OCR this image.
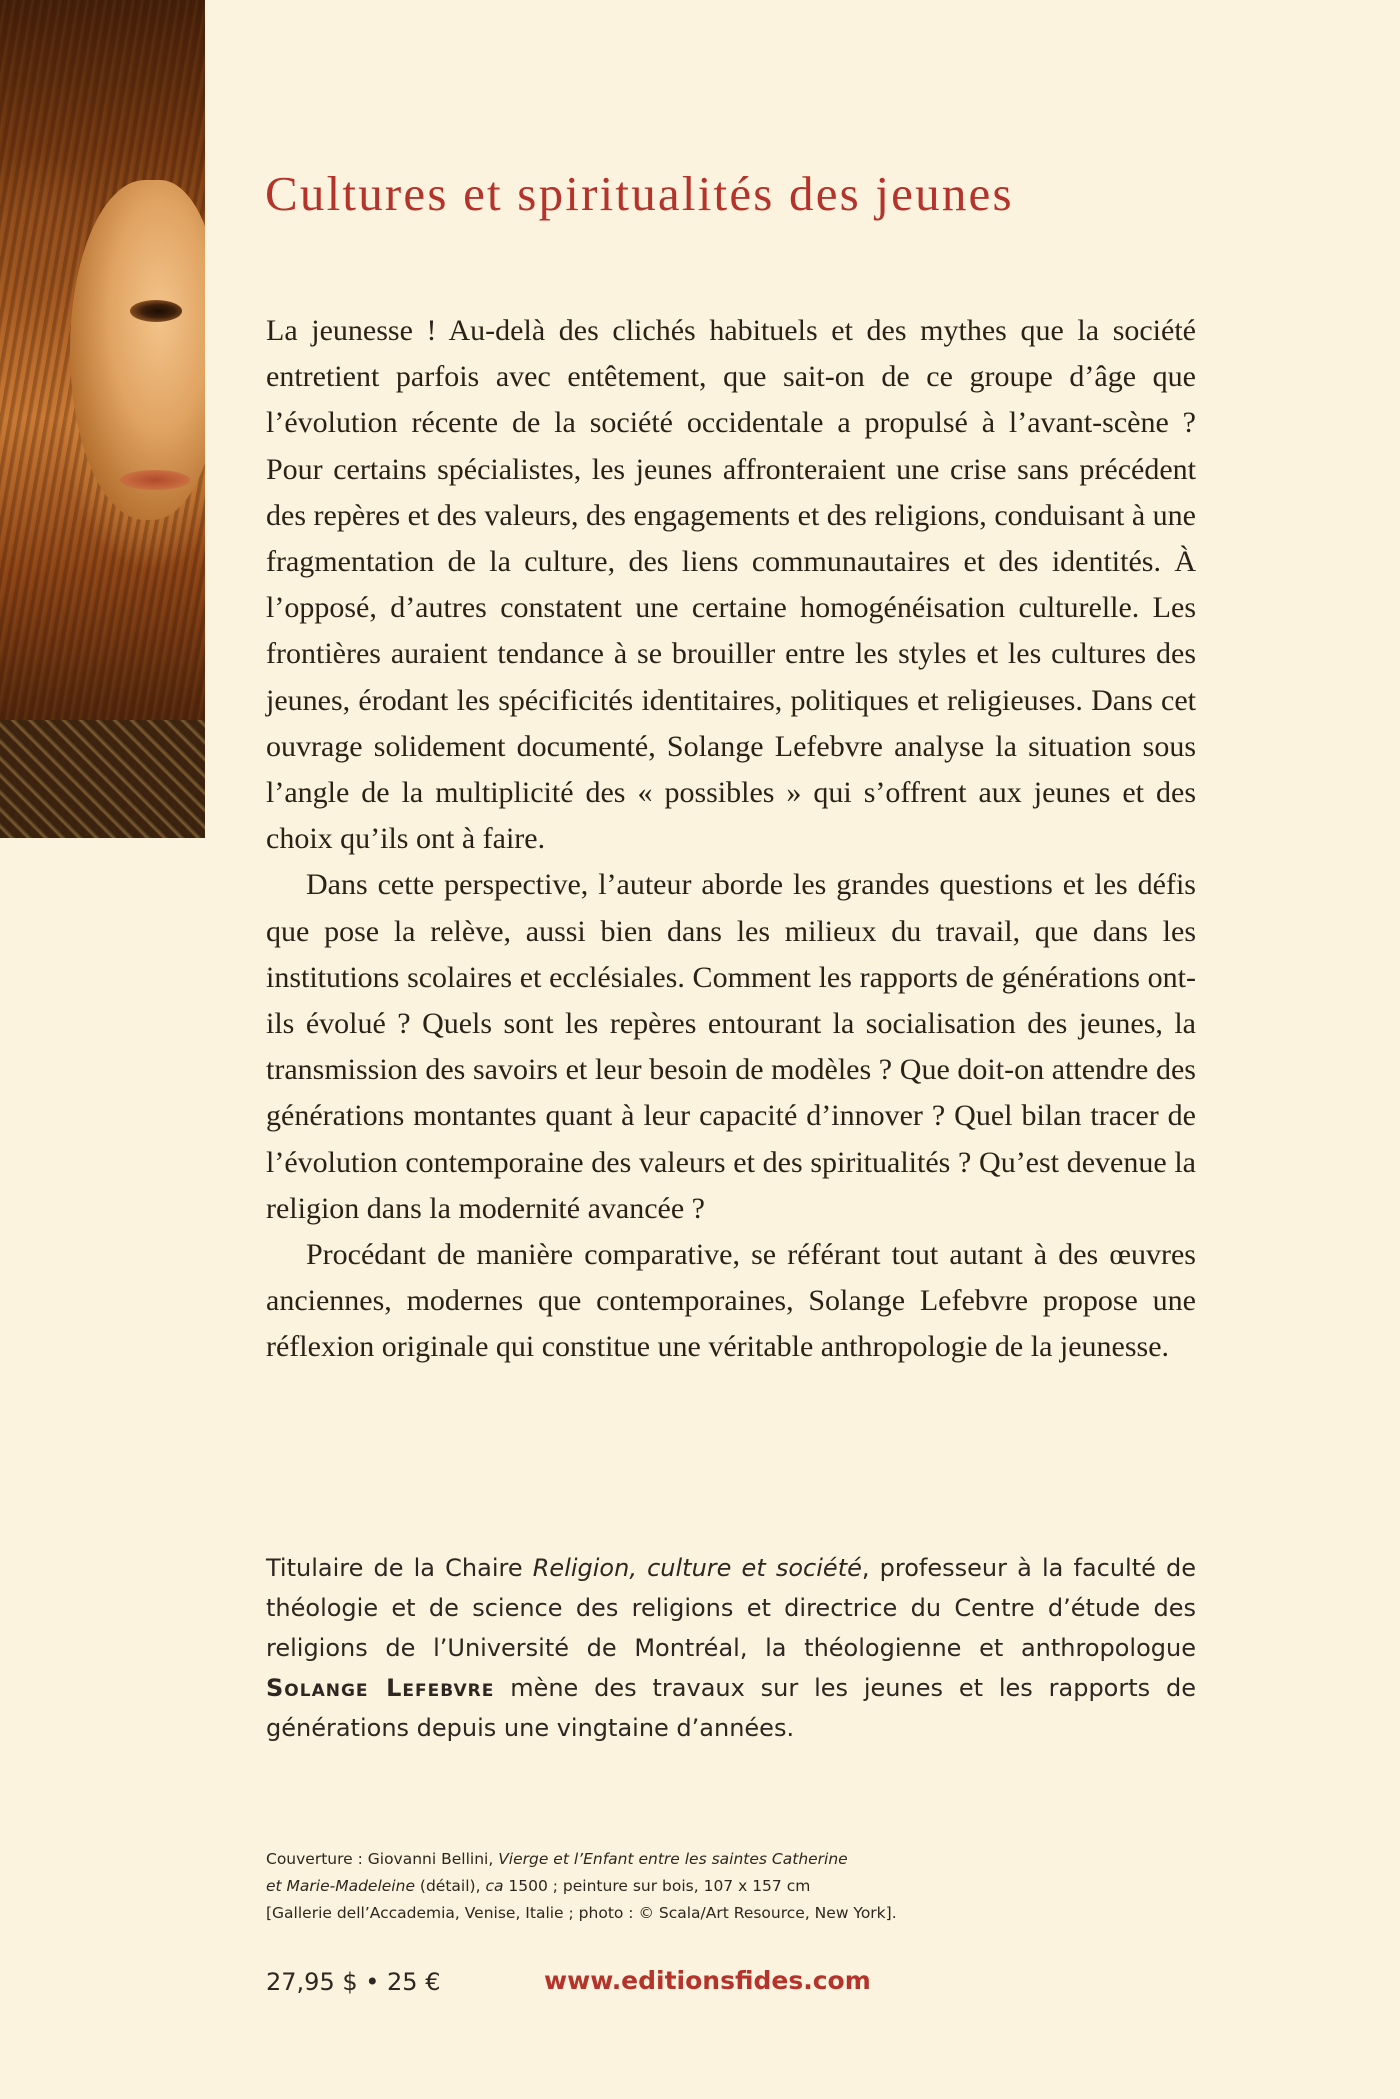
Cultures et spiritualités des jeunes

La jeunesse ! Au-delà des clichés habituels et des mythes que la société entretient parfois avec entêtement, que sait-on de ce groupe d’âge que l’évolution récente de la société occidentale a propulsé à l’avant-scène ? Pour certains spécialistes, les jeunes affronteraient une crise sans précédent des repères et des valeurs, des engagements et des religions, conduisant à une fragmentation de la culture, des liens communautaires et des identités. À l’opposé, d’autres constatent une certaine homogénéisation culturelle. Les frontières auraient tendance à se brouiller entre les styles et les cultures des jeunes, érodant les spécificités identitaires, politiques et religieuses. Dans cet ouvrage solidement documenté, Solange Lefebvre analyse la situation sous l’angle de la multiplicité des « possibles » qui s’offrent aux jeunes et des choix qu’ils ont à faire.

Dans cette perspective, l’auteur aborde les grandes questions et les défis que pose la relève, aussi bien dans les milieux du travail, que dans les institutions scolaires et ecclésiales. Comment les rapports de générations ont-ils évolué ? Quels sont les repères entourant la socialisation des jeunes, la transmission des savoirs et leur besoin de modèles ? Que doit-on attendre des générations montantes quant à leur capacité d’innover ? Quel bilan tracer de l’évolution contemporaine des valeurs et des spiritualités ? Qu’est devenue la religion dans la modernité avancée ?

Procédant de manière comparative, se référant tout autant à des œuvres anciennes, modernes que contemporaines, Solange Lefebvre propose une réflexion originale qui constitue une véritable anthropologie de la jeunesse.

Titulaire de la Chaire Religion, culture et société, professeur à la faculté de théologie et de science des religions et directrice du Centre d’étude des religions de l’Université de Montréal, la théologienne et anthropologue Solange Lefebvre mène des travaux sur les jeunes et les rapports de générations depuis une vingtaine d’années.

Couverture : Giovanni Bellini, Vierge et l’Enfant entre les saintes Catherine
et Marie-Madeleine (détail), ca 1500 ; peinture sur bois, 107 x 157 cm
[Gallerie dell’Accademia, Venise, Italie ; photo : © Scala/Art Resource, New York].

27,95 $ • 25 €	www.editionsfides.com
